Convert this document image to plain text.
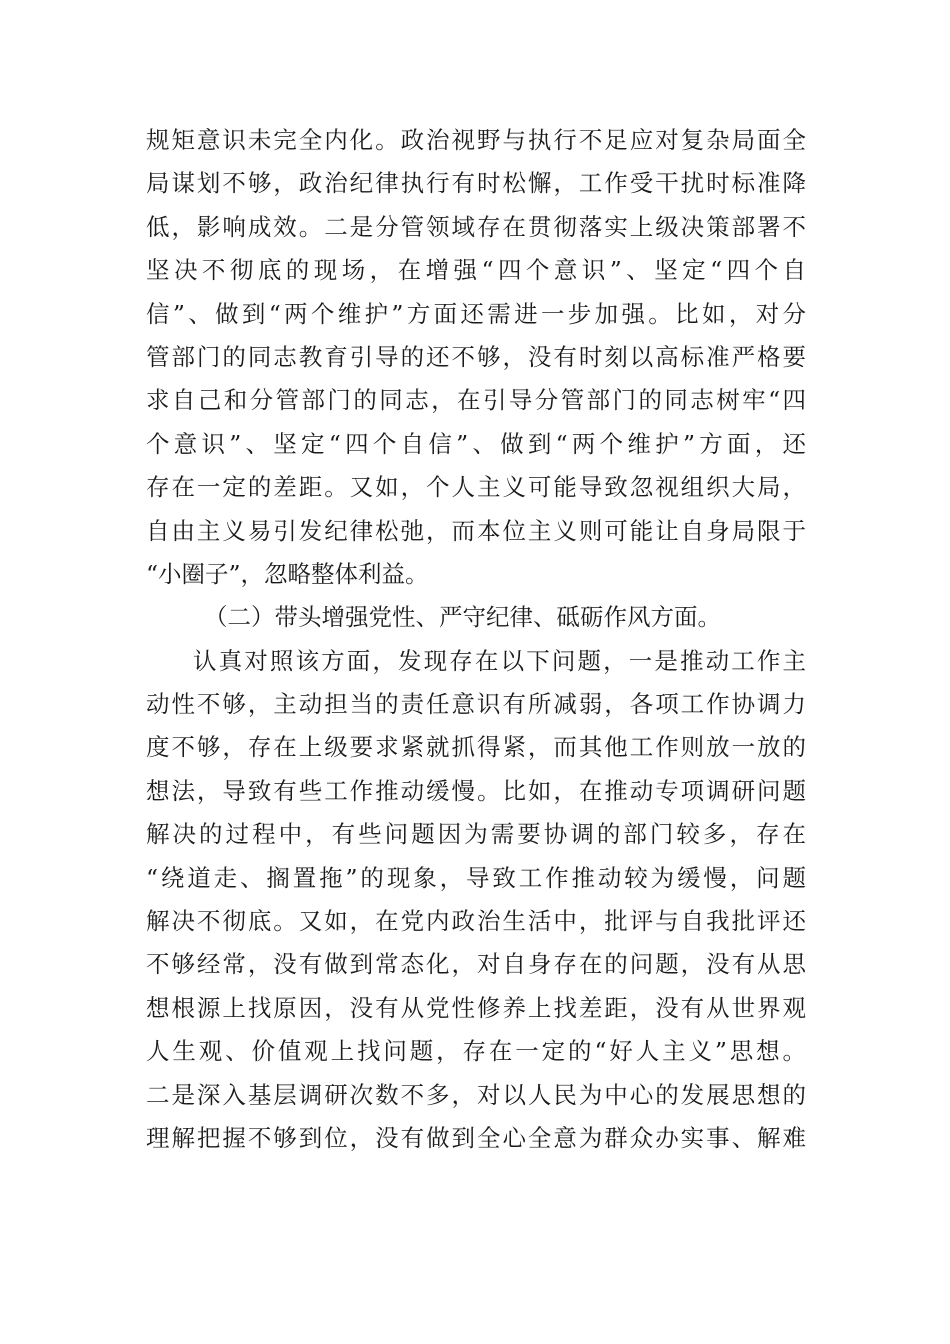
规矩意识未完全内化。政治视野与执行不足应对复杂局面全
局谋划不够，政治纪律执行有时松懈，工作受干扰时标准降
低，影响成效。二是分管领域存在贯彻落实上级决策部署不
坚决不彻底的现场，在增强“四个意识”、坚定“四个自
信”、做到“两个维护”方面还需进一步加强。比如，对分
管部门的同志教育引导的还不够，没有时刻以高标准严格要
求自己和分管部门的同志，在引导分管部门的同志树牢“四
个意识”、坚定“四个自信”、做到“两个维护”方面，还
存在一定的差距。又如，个人主义可能导致忽视组织大局，
自由主义易引发纪律松弛，而本位主义则可能让自身局限于
“小圈子”，忽略整体利益。
（二）带头增强党性、严守纪律、砥砺作风方面。
认真对照该方面，发现存在以下问题，一是推动工作主
动性不够，主动担当的责任意识有所减弱，各项工作协调力
度不够，存在上级要求紧就抓得紧，而其他工作则放一放的
想法，导致有些工作推动缓慢。比如，在推动专项调研问题
解决的过程中，有些问题因为需要协调的部门较多，存在
“绕道走、搁置拖”的现象，导致工作推动较为缓慢，问题
解决不彻底。又如，在党内政治生活中，批评与自我批评还
不够经常，没有做到常态化，对自身存在的问题，没有从思
想根源上找原因，没有从党性修养上找差距，没有从世界观
人生观、价值观上找问题，存在一定的“好人主义”思想。
二是深入基层调研次数不多，对以人民为中心的发展思想的
理解把握不够到位，没有做到全心全意为群众办实事、解难
